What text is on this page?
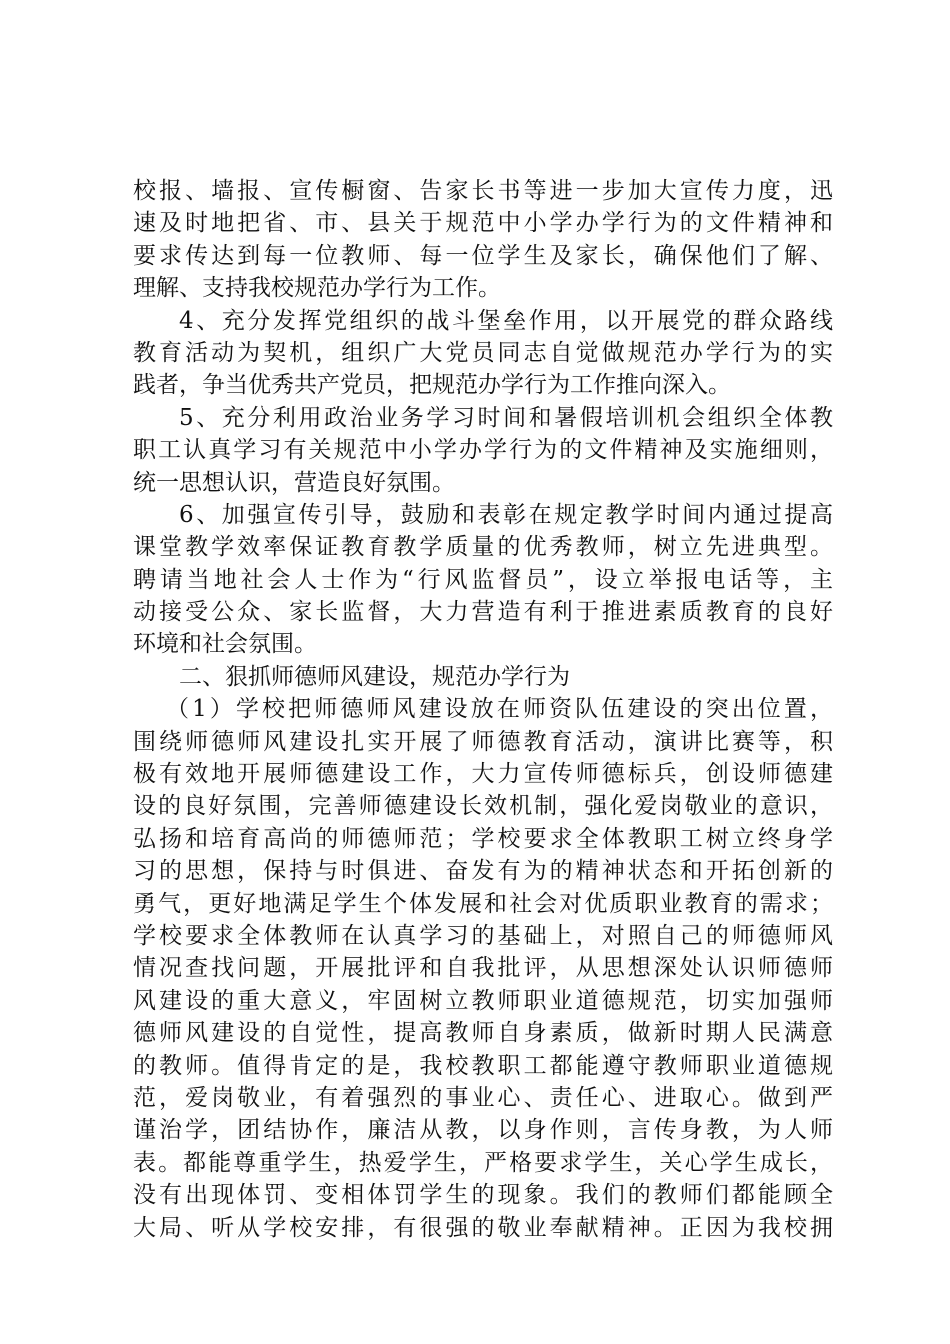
校报、墙报、宣传橱窗、告家长书等进一步加大宣传力度，迅
速及时地把省、市、县关于规范中小学办学行为的文件精神和
要求传达到每一位教师、每一位学生及家长，确保他们了解、
理解、支持我校规范办学行为工作。
4、充分发挥党组织的战斗堡垒作用，以开展党的群众路线
教育活动为契机，组织广大党员同志自觉做规范办学行为的实
践者，争当优秀共产党员，把规范办学行为工作推向深入。
5、充分利用政治业务学习时间和暑假培训机会组织全体教
职工认真学习有关规范中小学办学行为的文件精神及实施细则，
统一思想认识，营造良好氛围。
6、加强宣传引导，鼓励和表彰在规定教学时间内通过提高
课堂教学效率保证教育教学质量的优秀教师，树立先进典型。
聘请当地社会人士作为“行风监督员”，设立举报电话等，主
动接受公众、家长监督，大力营造有利于推进素质教育的良好
环境和社会氛围。
二、狠抓师德师风建设，规范办学行为
（1）学校把师德师风建设放在师资队伍建设的突出位置，
围绕师德师风建设扎实开展了师德教育活动，演讲比赛等，积
极有效地开展师德建设工作，大力宣传师德标兵，创设师德建
设的良好氛围，完善师德建设长效机制，强化爱岗敬业的意识，
弘扬和培育高尚的师德师范；学校要求全体教职工树立终身学
习的思想，保持与时俱进、奋发有为的精神状态和开拓创新的
勇气，更好地满足学生个体发展和社会对优质职业教育的需求；
学校要求全体教师在认真学习的基础上，对照自己的师德师风
情况查找问题，开展批评和自我批评，从思想深处认识师德师
风建设的重大意义，牢固树立教师职业道德规范，切实加强师
德师风建设的自觉性，提高教师自身素质，做新时期人民满意
的教师。值得肯定的是，我校教职工都能遵守教师职业道德规
范，爱岗敬业，有着强烈的事业心、责任心、进取心。做到严
谨治学，团结协作，廉洁从教，以身作则，言传身教，为人师
表。都能尊重学生，热爱学生，严格要求学生，关心学生成长，
没有出现体罚、变相体罚学生的现象。我们的教师们都能顾全
大局、听从学校安排，有很强的敬业奉献精神。正因为我校拥
